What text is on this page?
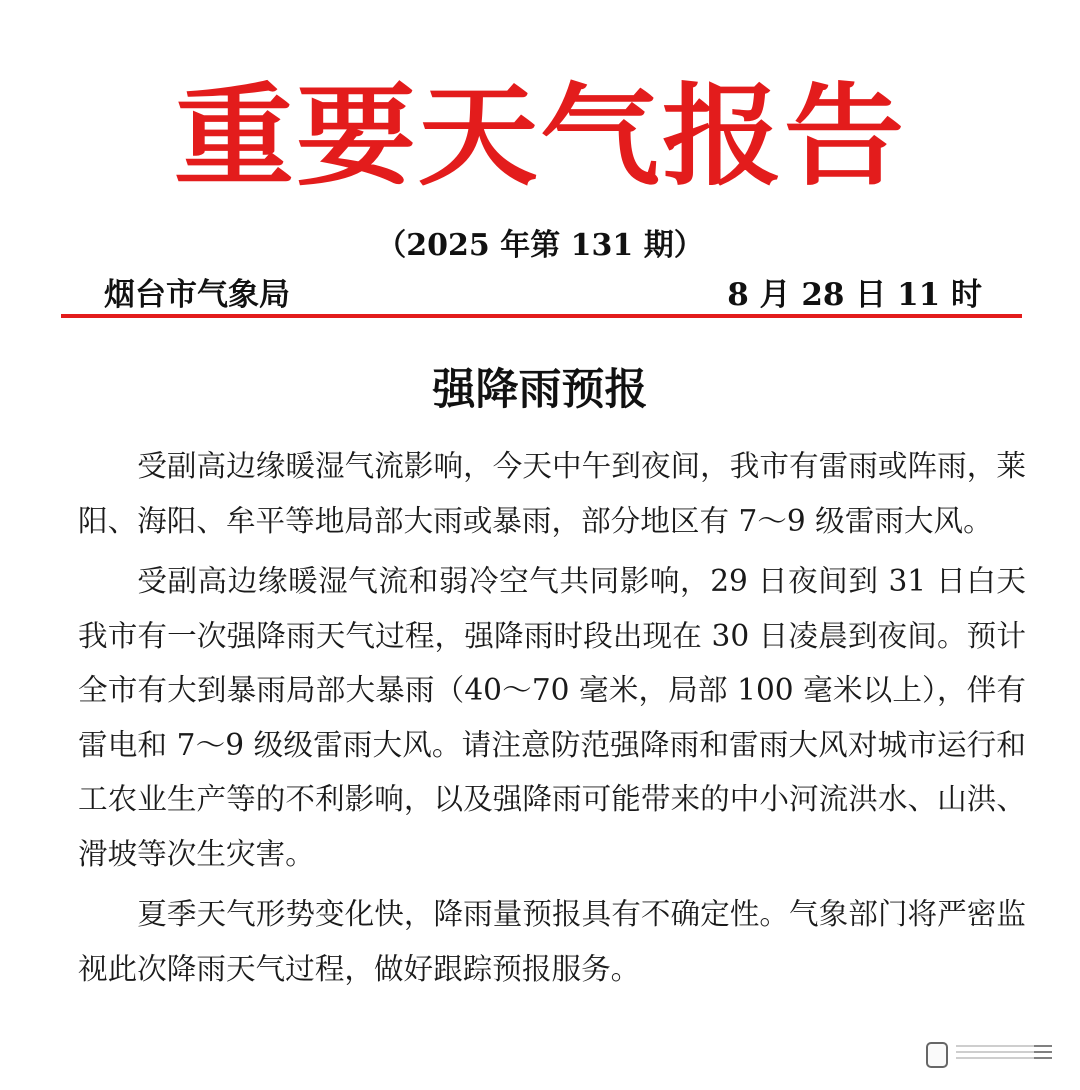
重要天气报告
（2025 年第 131 期）
烟台市气象局	8 月 28 日 11 时
强降雨预报

受副高边缘暖湿气流影响，今天中午到夜间，我市有雷雨或阵雨，莱阳、海阳、牟平等地局部大雨或暴雨，部分地区有 7～9 级雷雨大风。

受副高边缘暖湿气流和弱冷空气共同影响，29 日夜间到 31 日白天我市有一次强降雨天气过程，强降雨时段出现在 30 日凌晨到夜间。预计全市有大到暴雨局部大暴雨（40～70 毫米，局部 100 毫米以上），伴有雷电和 7～9 级级雷雨大风。请注意防范强降雨和雷雨大风对城市运行和工农业生产等的不利影响，以及强降雨可能带来的中小河流洪水、山洪、滑坡等次生灾害。

夏季天气形势变化快，降雨量预报具有不确定性。气象部门将严密监视此次降雨天气过程，做好跟踪预报服务。
